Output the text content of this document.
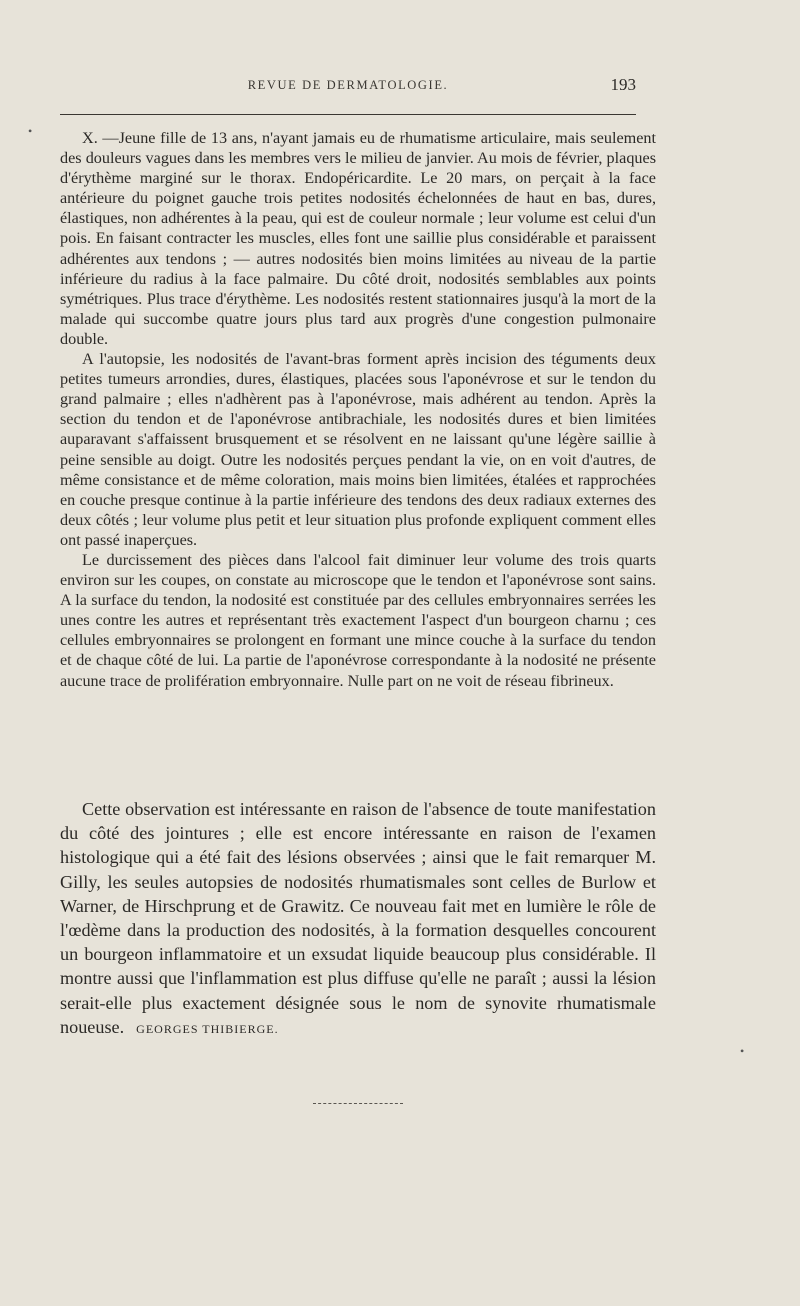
REVUE DE DERMATOLOGIE.	193
•	X. —Jeune fille de 13 ans, n'ayant jamais eu de rhumatisme articulaire, mais seulement des douleurs vagues dans les membres vers le milieu de janvier. Au mois de février, plaques d'érythème marginé sur le thorax. Endopéricardite. Le 20 mars, on perçait à la face antérieure du poignet gauche trois petites nodosités échelonnées de haut en bas, dures, élastiques, non adhérentes à la peau, qui est de couleur normale ; leur volume est celui d'un pois. En faisant contracter les muscles, elles font une saillie plus considérable et paraissent adhérentes aux tendons ; — autres nodosités bien moins limitées au niveau de la partie inférieure du radius à la face palmaire. Du côté droit, nodosités semblables aux points symétriques. Plus trace d'érythème. Les nodosités restent stationnaires jusqu'à la mort de la malade qui succombe quatre jours plus tard aux progrès d'une congestion pulmonaire double.

A l'autopsie, les nodosités de l'avant-bras forment après incision des téguments deux petites tumeurs arrondies, dures, élastiques, placées sous l'aponévrose et sur le tendon du grand palmaire ; elles n'adhèrent pas à l'aponévrose, mais adhérent au tendon. Après la section du tendon et de l'aponévrose antibrachiale, les nodosités dures et bien limitées auparavant s'affaissent brusquement et se résolvent en ne laissant qu'une légère saillie à peine sensible au doigt. Outre les nodosités perçues pendant la vie, on en voit d'autres, de même consistance et de même coloration, mais moins bien limitées, étalées et rapprochées en couche presque continue à la partie inférieure des tendons des deux radiaux externes des deux côtés ; leur volume plus petit et leur situation plus profonde expliquent comment elles ont passé inaperçues.

Le durcissement des pièces dans l'alcool fait diminuer leur volume des trois quarts environ sur les coupes, on constate au microscope que le tendon et l'aponévrose sont sains. A la surface du tendon, la nodosité est constituée par des cellules embryonnaires serrées les unes contre les autres et représentant très exactement l'aspect d'un bourgeon charnu ; ces cellules embryonnaires se prolongent en formant une mince couche à la surface du tendon et de chaque côté de lui. La partie de l'aponévrose correspondante à la nodosité ne présente aucune trace de prolifération embryonnaire. Nulle part on ne voit de réseau fibrineux.

Cette observation est intéressante en raison de l'absence de toute manifestation du côté des jointures ; elle est encore intéressante en raison de l'examen histologique qui a été fait des lésions observées ; ainsi que le fait remarquer M. Gilly, les seules autopsies de nodosités rhumatismales sont celles de Burlow et Warner, de Hirschprung et de Grawitz. Ce nouveau fait met en lumière le rôle de l'œdème dans la production des nodosités, à la formation desquelles concourent un bourgeon inflammatoire et un exsudat liquide beaucoup plus considérable. Il montre aussi que l'inflammation est plus diffuse qu'elle ne paraît ; aussi la lésion serait-elle plus exactement désignée sous le nom de synovite rhumatismale noueuse. GEORGES THIBIERGE.

•
